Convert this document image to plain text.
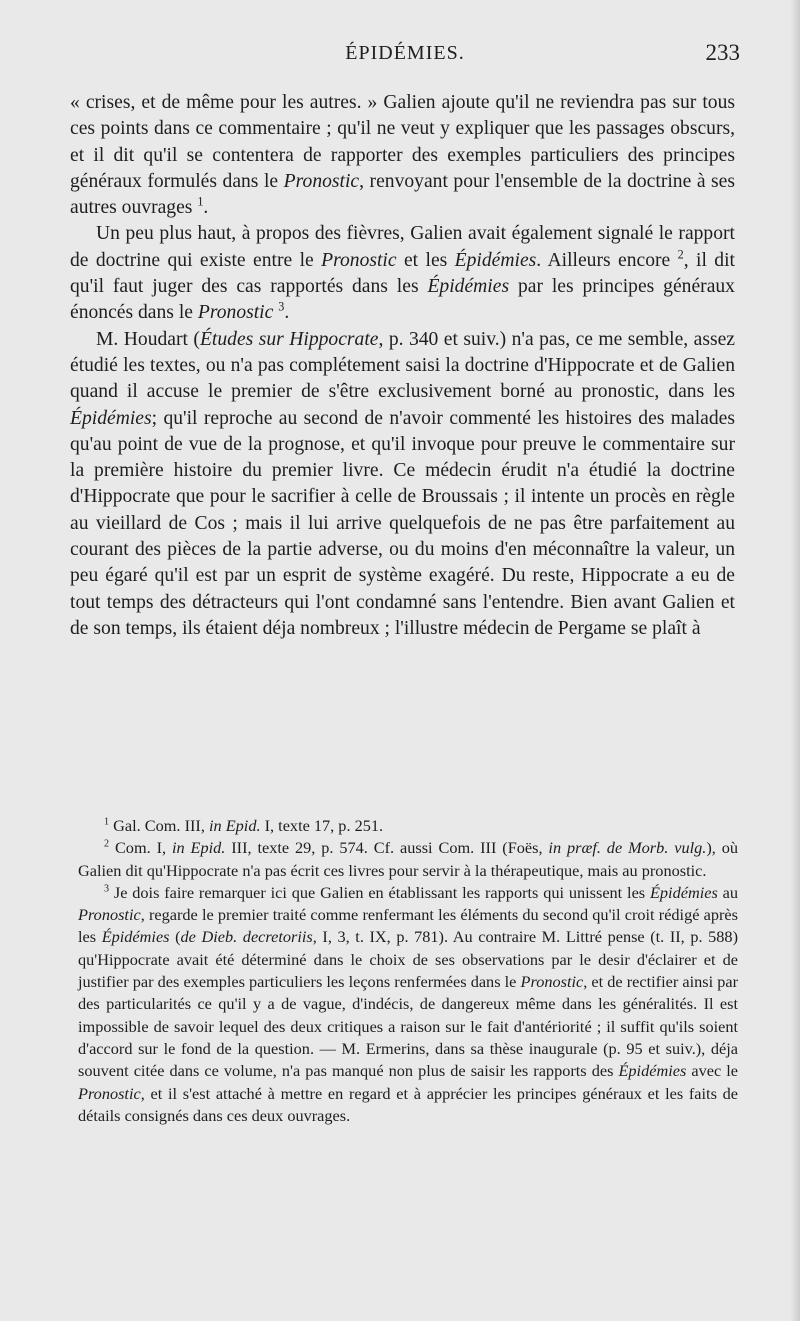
ÉPIDÉMIES.	233

« crises, et de même pour les autres. » Galien ajoute qu'il ne reviendra pas sur tous ces points dans ce commentaire ; qu'il ne veut y expliquer que les passages obscurs, et il dit qu'il se contentera de rapporter des exemples particuliers des principes généraux formulés dans le Pronostic, renvoyant pour l'ensemble de la doctrine à ses autres ouvrages $^1$.

Un peu plus haut, à propos des fièvres, Galien avait également signalé le rapport de doctrine qui existe entre le Pronostic et les Épidémies. Ailleurs encore $^2$, il dit qu'il faut juger des cas rapportés dans les Épidémies par les principes généraux énoncés dans le Pronostic $^3$.

M. Houdart (Études sur Hippocrate, p. 340 et suiv.) n'a pas, ce me semble, assez étudié les textes, ou n'a pas complétement saisi la doctrine d'Hippocrate et de Galien quand il accuse le premier de s'être exclusivement borné au pronostic, dans les Épidémies; qu'il reproche au second de n'avoir commenté les histoires des malades qu'au point de vue de la prognose, et qu'il invoque pour preuve le commentaire sur la première histoire du premier livre. Ce médecin érudit n'a étudié la doctrine d'Hippocrate que pour le sacrifier à celle de Broussais ; il intente un procès en règle au vieillard de Cos ; mais il lui arrive quelquefois de ne pas être parfaitement au courant des pièces de la partie adverse, ou du moins d'en méconnaître la valeur, un peu égaré qu'il est par un esprit de système exagéré. Du reste, Hippocrate a eu de tout temps des détracteurs qui l'ont condamné sans l'entendre. Bien avant Galien et de son temps, ils étaient déja nombreux ; l'illustre médecin de Pergame se plaît à

$^1$ Gal. Com. III, in Epid. I, texte 17, p. 251.

$^2$ Com. I, in Epid. III, texte 29, p. 574. Cf. aussi Com. III (Foës, in præf. de Morb. vulg.), où Galien dit qu'Hippocrate n'a pas écrit ces livres pour servir à la thérapeutique, mais au pronostic.

$^3$ Je dois faire remarquer ici que Galien en établissant les rapports qui unissent les Épidémies au Pronostic, regarde le premier traité comme renfermant les éléments du second qu'il croit rédigé après les Épidémies (de Dieb. decretoriis, I, 3, t. IX, p. 781). Au contraire M. Littré pense (t. II, p. 588) qu'Hippocrate avait été déterminé dans le choix de ses observations par le desir d'éclairer et de justifier par des exemples particuliers les leçons renfermées dans le Pronostic, et de rectifier ainsi par des particularités ce qu'il y a de vague, d'indécis, de dangereux même dans les généralités. Il est impossible de savoir lequel des deux critiques a raison sur le fait d'antériorité ; il suffit qu'ils soient d'accord sur le fond de la question. — M. Ermerins, dans sa thèse inaugurale (p. 95 et suiv.), déja souvent citée dans ce volume, n'a pas manqué non plus de saisir les rapports des Épidémies avec le Pronostic, et il s'est attaché à mettre en regard et à apprécier les principes généraux et les faits de détails consignés dans ces deux ouvrages.
